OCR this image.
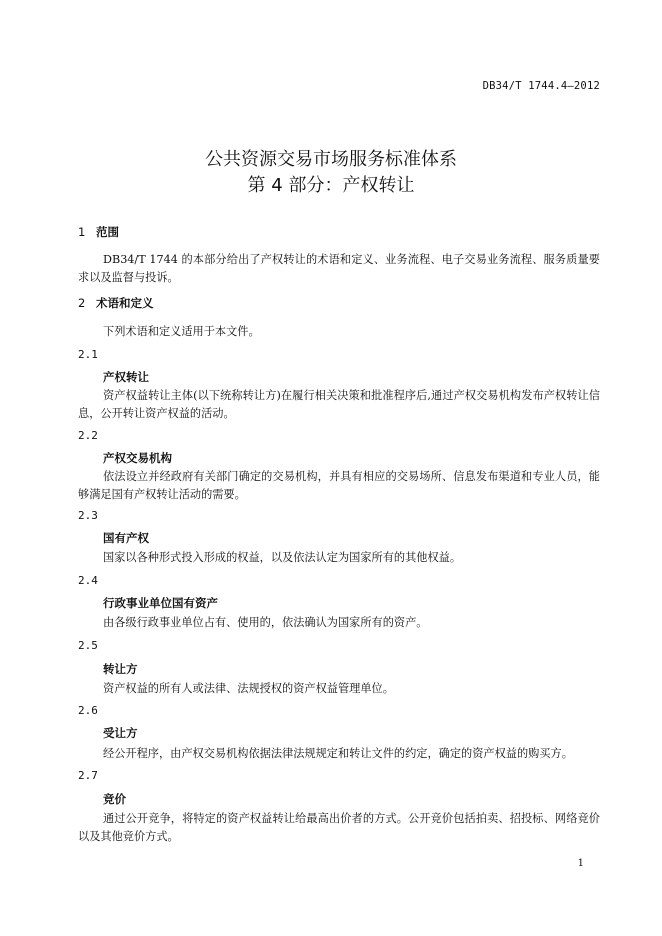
DB34/T 1744.4—2012
公共资源交易市场服务标准体系
第 4 部分：产权转让
1 范围
DB34/T 1744 的本部分给出了产权转让的术语和定义、业务流程、电子交易业务流程、服务质量要求以及监督与投诉。
2 术语和定义
下列术语和定义适用于本文件。
2.1
产权转让
资产权益转让主体(以下统称转让方)在履行相关决策和批准程序后,通过产权交易机构发布产权转让信息，公开转让资产权益的活动。
2.2
产权交易机构
依法设立并经政府有关部门确定的交易机构，并具有相应的交易场所、信息发布渠道和专业人员，能够满足国有产权转让活动的需要。
2.3
国有产权
国家以各种形式投入形成的权益，以及依法认定为国家所有的其他权益。
2.4
行政事业单位国有资产
由各级行政事业单位占有、使用的，依法确认为国家所有的资产。
2.5
转让方
资产权益的所有人或法律、法规授权的资产权益管理单位。
2.6
受让方
经公开程序，由产权交易机构依据法律法规规定和转让文件的约定，确定的资产权益的购买方。
2.7
竞价
通过公开竞争，将特定的资产权益转让给最高出价者的方式。公开竞价包括拍卖、招投标、网络竞价以及其他竞价方式。
1
